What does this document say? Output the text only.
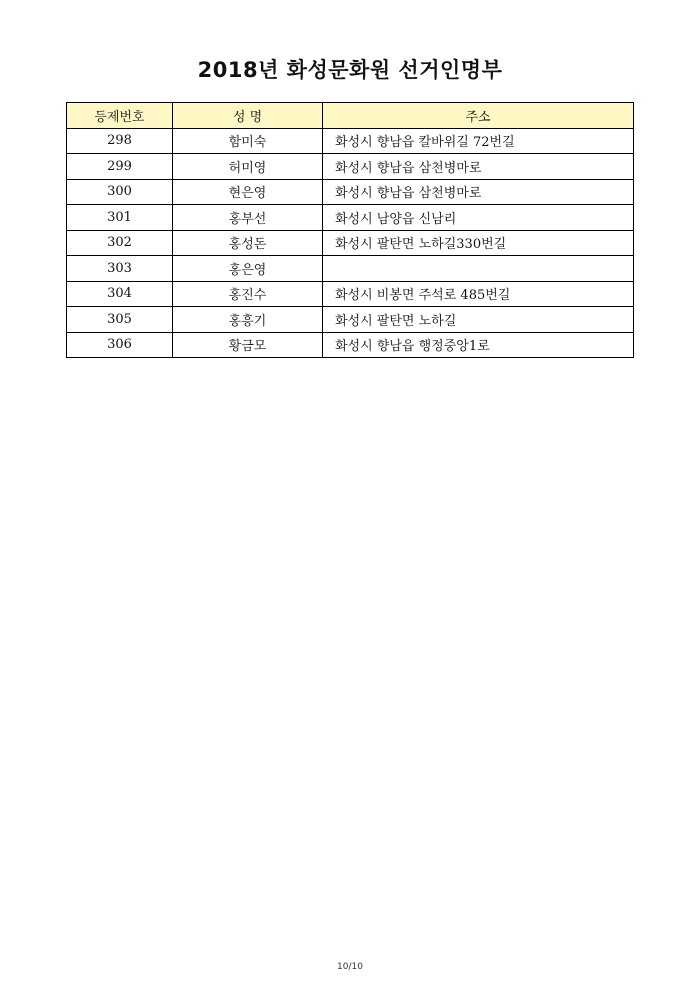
2018년 화성문화원 선거인명부
등제번호	성 명	주소
298	함미숙	화성시 향남읍 칼바위길 72번길
299	허미영	화성시 향남읍 삼천병마로
300	현은영	화성시 향남읍 삼천병마로
301	홍부선	화성시 남양읍 신남리
302	홍성돈	화성시 팔탄면 노하길330번길
303	홍은영	
304	홍진수	화성시 비봉면 주석로 485번길
305	홍흥기	화성시 팔탄면 노하길
306	황금모	화성시 향남읍 행정중앙1로
10/10
